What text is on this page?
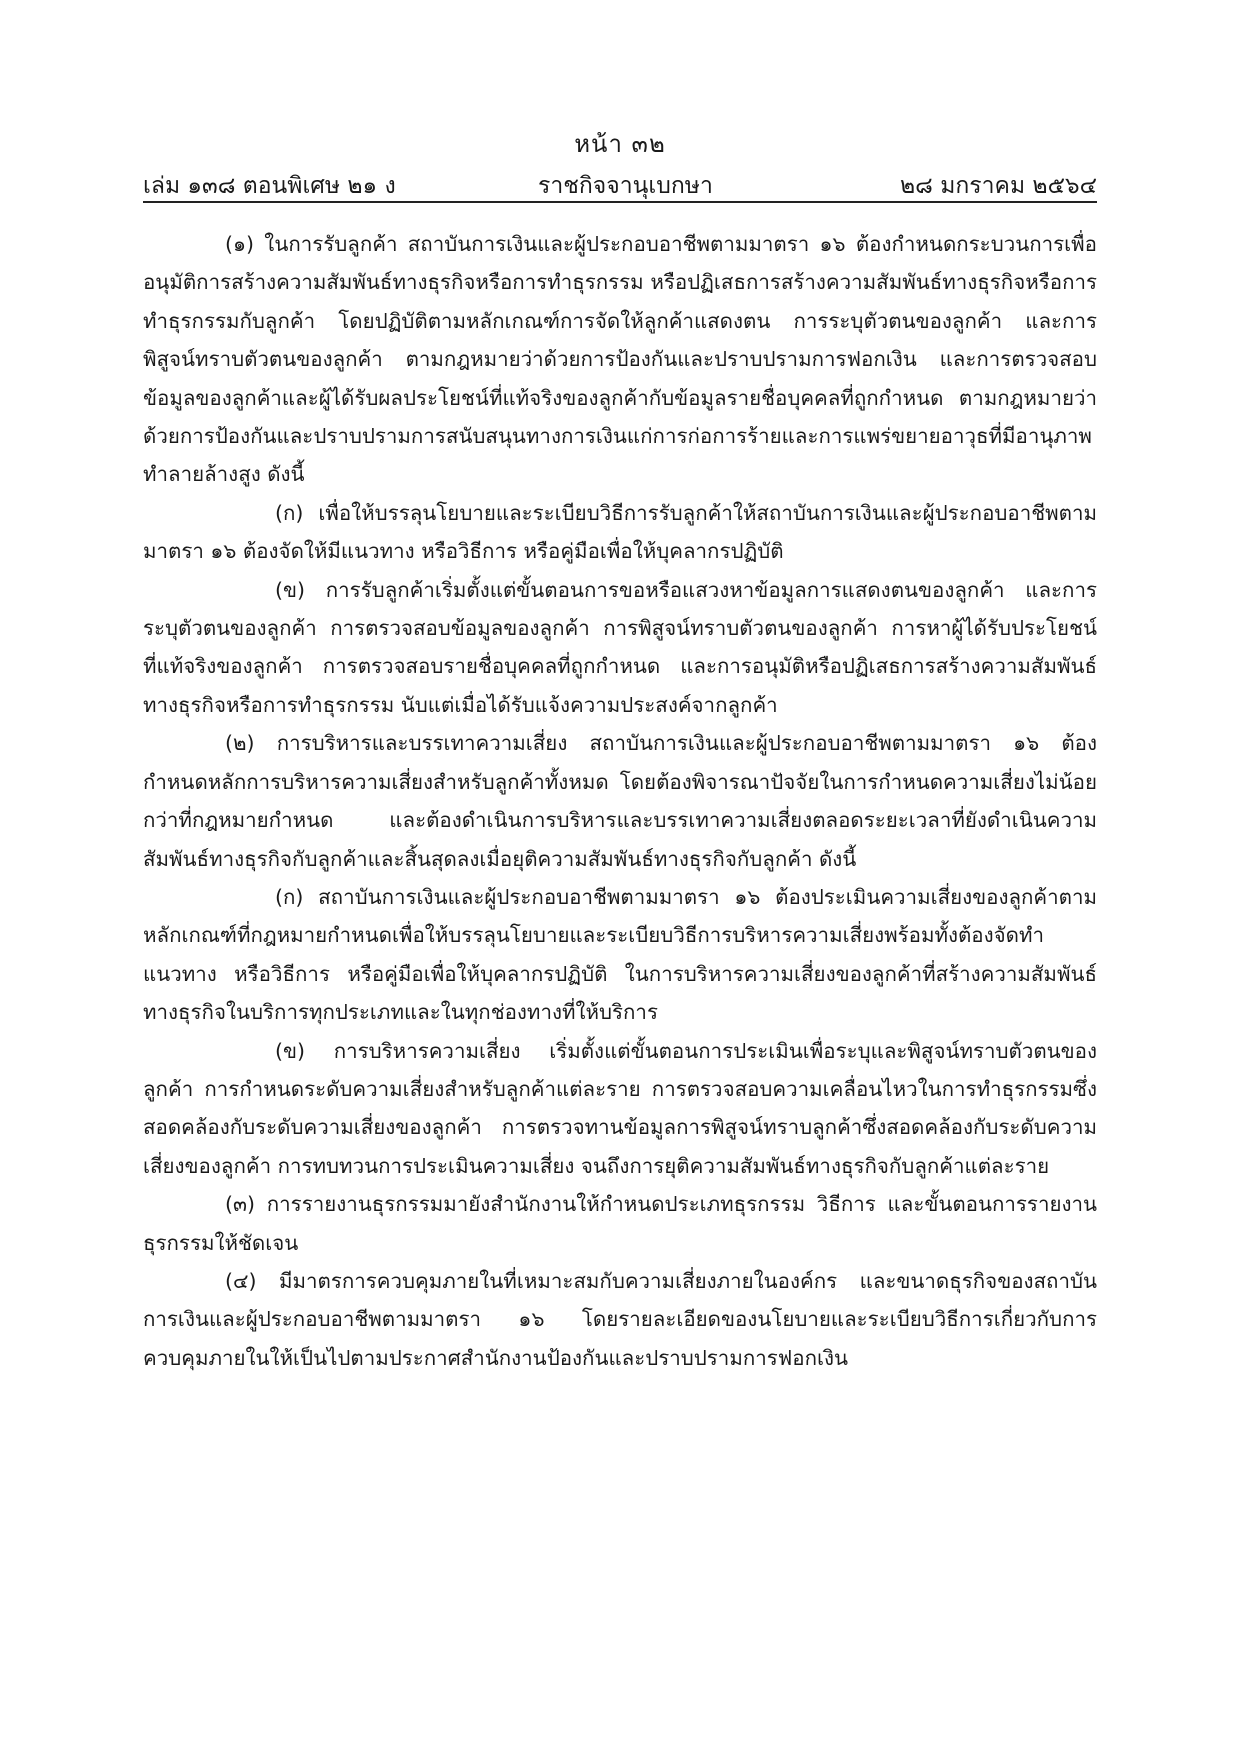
หน้า ๓๒
เล่ม ๑๓๘ ตอนพิเศษ ๒๑ ง	ราชกิจจานุเบกษา	๒๘ มกราคม ๒๕๖๔

(๑) ในการรับลูกค้า สถาบันการเงินและผู้ประกอบอาชีพตามมาตรา ๑๖ ต้องกำหนดกระบวนการเพื่ออนุมัติการสร้างความสัมพันธ์ทางธุรกิจหรือการทำธุรกรรม หรือปฏิเสธการสร้างความสัมพันธ์ทางธุรกิจหรือการทำธุรกรรมกับลูกค้า โดยปฏิบัติตามหลักเกณฑ์การจัดให้ลูกค้าแสดงตน การระบุตัวตนของลูกค้า และการพิสูจน์ทราบตัวตนของลูกค้า ตามกฎหมายว่าด้วยการป้องกันและปราบปรามการฟอกเงิน และการตรวจสอบข้อมูลของลูกค้าและผู้ได้รับผลประโยชน์ที่แท้จริงของลูกค้ากับข้อมูลรายชื่อบุคคลที่ถูกกำหนด ตามกฎหมายว่าด้วยการป้องกันและปราบปรามการสนับสนุนทางการเงินแก่การก่อการร้ายและการแพร่ขยายอาวุธที่มีอานุภาพทำลายล้างสูง ดังนี้

(ก) เพื่อให้บรรลุนโยบายและระเบียบวิธีการรับลูกค้าให้สถาบันการเงินและผู้ประกอบอาชีพตามมาตรา ๑๖ ต้องจัดให้มีแนวทาง หรือวิธีการ หรือคู่มือเพื่อให้บุคลากรปฏิบัติ

(ข) การรับลูกค้าเริ่มตั้งแต่ขั้นตอนการขอหรือแสวงหาข้อมูลการแสดงตนของลูกค้า และการระบุตัวตนของลูกค้า การตรวจสอบข้อมูลของลูกค้า การพิสูจน์ทราบตัวตนของลูกค้า การหาผู้ได้รับประโยชน์ที่แท้จริงของลูกค้า การตรวจสอบรายชื่อบุคคลที่ถูกกำหนด และการอนุมัติหรือปฏิเสธการสร้างความสัมพันธ์ทางธุรกิจหรือการทำธุรกรรม นับแต่เมื่อได้รับแจ้งความประสงค์จากลูกค้า

(๒) การบริหารและบรรเทาความเสี่ยง สถาบันการเงินและผู้ประกอบอาชีพตามมาตรา ๑๖ ต้องกำหนดหลักการบริหารความเสี่ยงสำหรับลูกค้าทั้งหมด โดยต้องพิจารณาปัจจัยในการกำหนดความเสี่ยงไม่น้อยกว่าที่กฎหมายกำหนด และต้องดำเนินการบริหารและบรรเทาความเสี่ยงตลอดระยะเวลาที่ยังดำเนินความสัมพันธ์ทางธุรกิจกับลูกค้าและสิ้นสุดลงเมื่อยุติความสัมพันธ์ทางธุรกิจกับลูกค้า ดังนี้

(ก) สถาบันการเงินและผู้ประกอบอาชีพตามมาตรา ๑๖ ต้องประเมินความเสี่ยงของลูกค้าตามหลักเกณฑ์ที่กฎหมายกำหนดเพื่อให้บรรลุนโยบายและระเบียบวิธีการบริหารความเสี่ยงพร้อมทั้งต้องจัดทำแนวทาง หรือวิธีการ หรือคู่มือเพื่อให้บุคลากรปฏิบัติ ในการบริหารความเสี่ยงของลูกค้าที่สร้างความสัมพันธ์ทางธุรกิจในบริการทุกประเภทและในทุกช่องทางที่ให้บริการ

(ข) การบริหารความเสี่ยง เริ่มตั้งแต่ขั้นตอนการประเมินเพื่อระบุและพิสูจน์ทราบตัวตนของลูกค้า การกำหนดระดับความเสี่ยงสำหรับลูกค้าแต่ละราย การตรวจสอบความเคลื่อนไหวในการทำธุรกรรมซึ่งสอดคล้องกับระดับความเสี่ยงของลูกค้า การตรวจทานข้อมูลการพิสูจน์ทราบลูกค้าซึ่งสอดคล้องกับระดับความเสี่ยงของลูกค้า การทบทวนการประเมินความเสี่ยง จนถึงการยุติความสัมพันธ์ทางธุรกิจกับลูกค้าแต่ละราย

(๓) การรายงานธุรกรรมมายังสำนักงานให้กำหนดประเภทธุรกรรม วิธีการ และขั้นตอนการรายงานธุรกรรมให้ชัดเจน

(๔) มีมาตรการควบคุมภายในที่เหมาะสมกับความเสี่ยงภายในองค์กร และขนาดธุรกิจของสถาบันการเงินและผู้ประกอบอาชีพตามมาตรา ๑๖ โดยรายละเอียดของนโยบายและระเบียบวิธีการเกี่ยวกับการควบคุมภายในให้เป็นไปตามประกาศสำนักงานป้องกันและปราบปรามการฟอกเงิน
